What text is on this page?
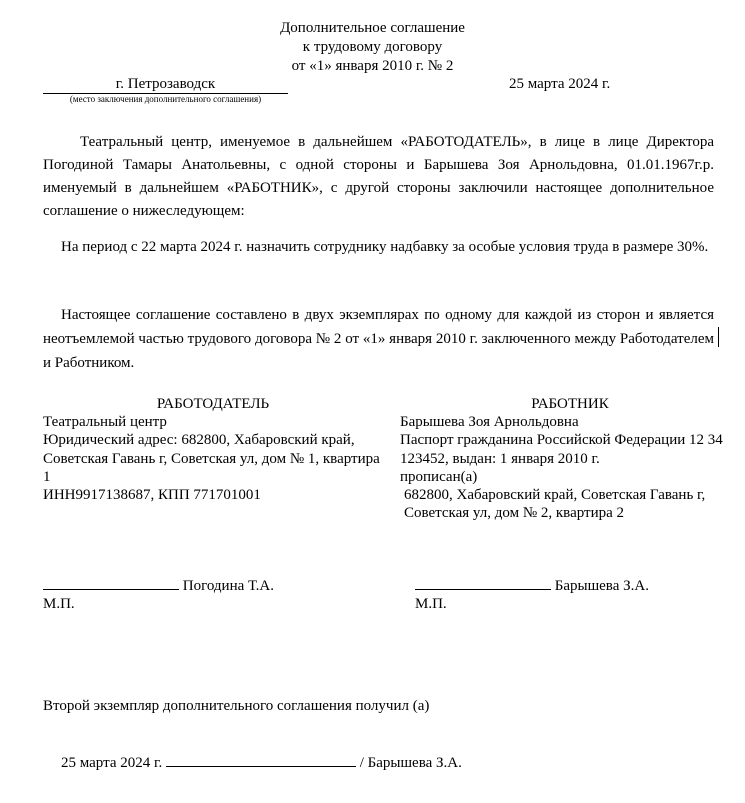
Дополнительное соглашение
к трудовому договору
от «1» января 2010 г. № 2
г. Петрозаводск
(место заключения дополнительного соглашения)
25 марта 2024 г.
Театральный центр, именуемое в дальнейшем «РАБОТОДАТЕЛЬ», в лице в лице Директора Погодиной Тамары Анатольевны, с одной стороны и Барышева Зоя Арнольдовна, 01.01.1967г.р. именуемый в дальнейшем «РАБОТНИК», с другой стороны заключили настоящее дополнительное соглашение о нижеследующем:
На период с 22 марта 2024 г. назначить сотруднику надбавку за особые условия труда в размере 30%.
Настоящее соглашение составлено в двух экземплярах по одному для каждой из сторон и является неотъемлемой частью трудового договора № 2 от «1» января 2010 г. заключенного между Работодателем и Работником.
РАБОТОДАТЕЛЬ	РАБОТНИК
Театральный центр
Юридический адрес: 682800, Хабаровский край, Советская Гавань г, Советская ул, дом № 1, квартира 1
ИНН9917138687, КПП 771701001
Барышева Зоя Арнольдовна
Паспорт гражданина Российской Федерации 12 34 123452, выдан: 1 января 2010 г.
прописан(а)
682800, Хабаровский край, Советская Гавань г, Советская ул, дом № 2, квартира 2
Погодина Т.А.
М.П.
Барышева З.А.
М.П.
Второй экземпляр дополнительного соглашения получил (а)
25 марта 2024 г.	/ Барышева З.А.
